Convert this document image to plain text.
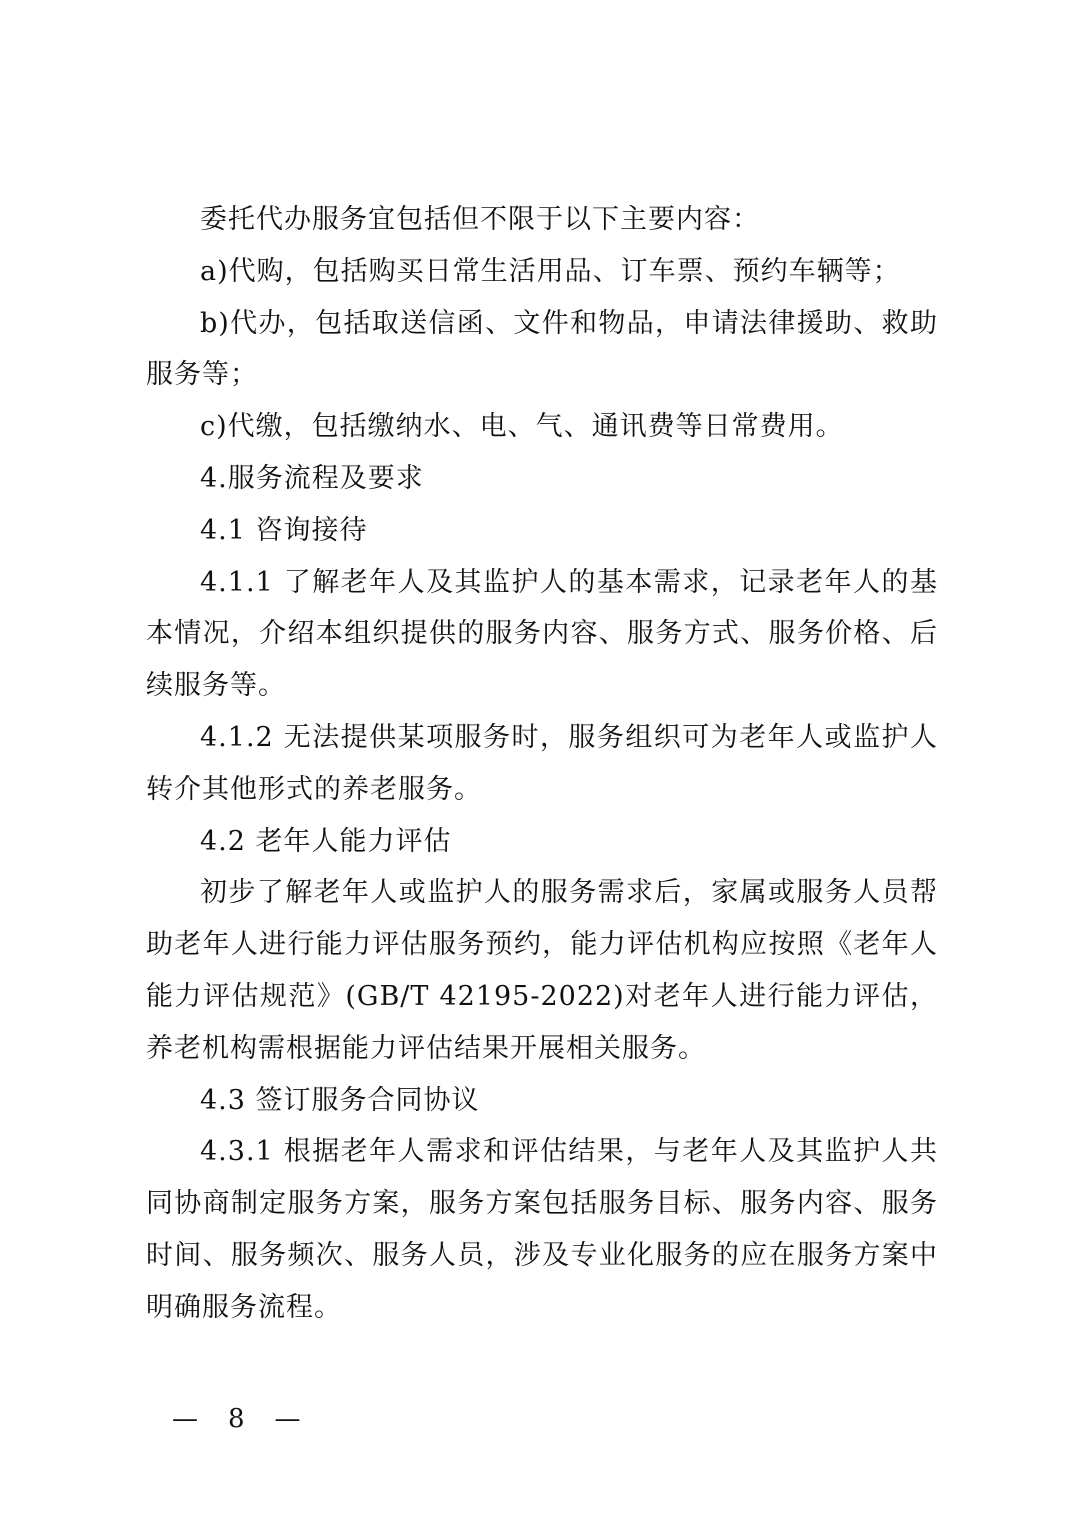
委托代办服务宜包括但不限于以下主要内容：

a)代购，包括购买日常生活用品、订车票、预约车辆等；

b)代办，包括取送信函、文件和物品，申请法律援助、救助服务等；

c)代缴，包括缴纳水、电、气、通讯费等日常费用。

4.服务流程及要求

4.1 咨询接待

4.1.1 了解老年人及其监护人的基本需求，记录老年人的基本情况，介绍本组织提供的服务内容、服务方式、服务价格、后续服务等。

4.1.2 无法提供某项服务时，服务组织可为老年人或监护人转介其他形式的养老服务。

4.2 老年人能力评估

初步了解老年人或监护人的服务需求后，家属或服务人员帮助老年人进行能力评估服务预约，能力评估机构应按照《老年人能力评估规范》(GB/T 42195-2022)对老年人进行能力评估，养老机构需根据能力评估结果开展相关服务。

4.3 签订服务合同协议

4.3.1 根据老年人需求和评估结果，与老年人及其监护人共同协商制定服务方案，服务方案包括服务目标、服务内容、服务时间、服务频次、服务人员，涉及专业化服务的应在服务方案中明确服务流程。

— 8 —
